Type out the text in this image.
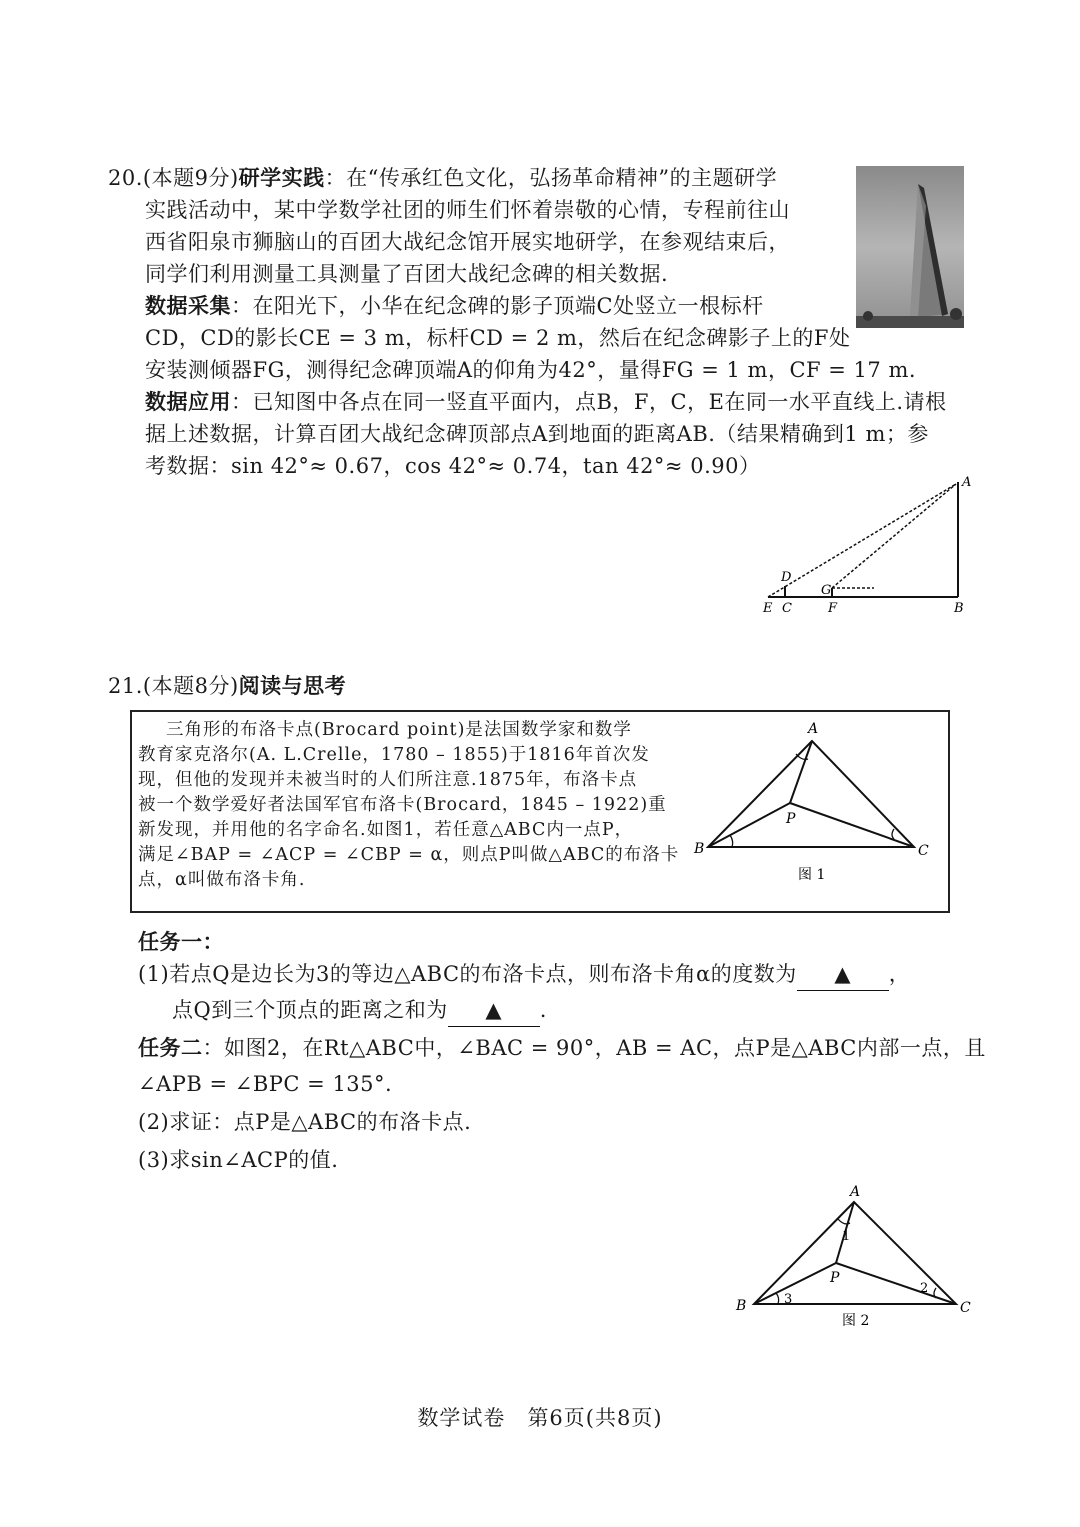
20.(本题9分)研学实践：在“传承红色文化，弘扬革命精神”的主题研学
实践活动中，某中学数学社团的师生们怀着崇敬的心情，专程前往山
西省阳泉市狮脑山的百团大战纪念馆开展实地研学，在参观结束后，
同学们利用测量工具测量了百团大战纪念碑的相关数据.
数据采集：在阳光下，小华在纪念碑的影子顶端C处竖立一根标杆
CD，CD的影长CE = 3 m，标杆CD = 2 m，然后在纪念碑影子上的F处
安装测倾器FG，测得纪念碑顶端A的仰角为42°，量得FG = 1 m，CF = 17 m.
数据应用：已知图中各点在同一竖直平面内，点B，F，C，E在同一水平直线上.请根
据上述数据，计算百团大战纪念碑顶部点A到地面的距离AB.（结果精确到1 m；参
考数据：sin 42°≈ 0.67，cos 42°≈ 0.74，tan 42°≈ 0.90）
A
B
C
D
E	F
G
21.(本题8分)阅读与思考
三角形的布洛卡点(Brocard point)是法国数学家和数学
教育家克洛尔(A. L.Crelle，1780 – 1855)于1816年首次发
现，但他的发现并未被当时的人们所注意.1875年，布洛卡点
被一个数学爱好者法国军官布洛卡(Brocard，1845 – 1922)重
新发现，并用他的名字命名.如图1，若任意△ABC内一点P，
满足∠BAP = ∠ACP = ∠CBP = α，则点P叫做△ABC的布洛卡
点，α叫做布洛卡角.
A
B	C
P
图 1
任务一：
(1)若点Q是边长为3的等边△ABC的布洛卡点，则布洛卡角α的度数为 ▲ ，
点Q到三个顶点的距离之和为 ▲ .
任务二：如图2，在Rt△ABC中，∠BAC = 90°，AB = AC，点P是△ABC内部一点，且
∠APB = ∠BPC = 135°.
(2)求证：点P是△ABC的布洛卡点.
(3)求sin∠ACP的值.
A
B	C
P
1
2
3
图 2
数学试卷 第6页(共8页)
